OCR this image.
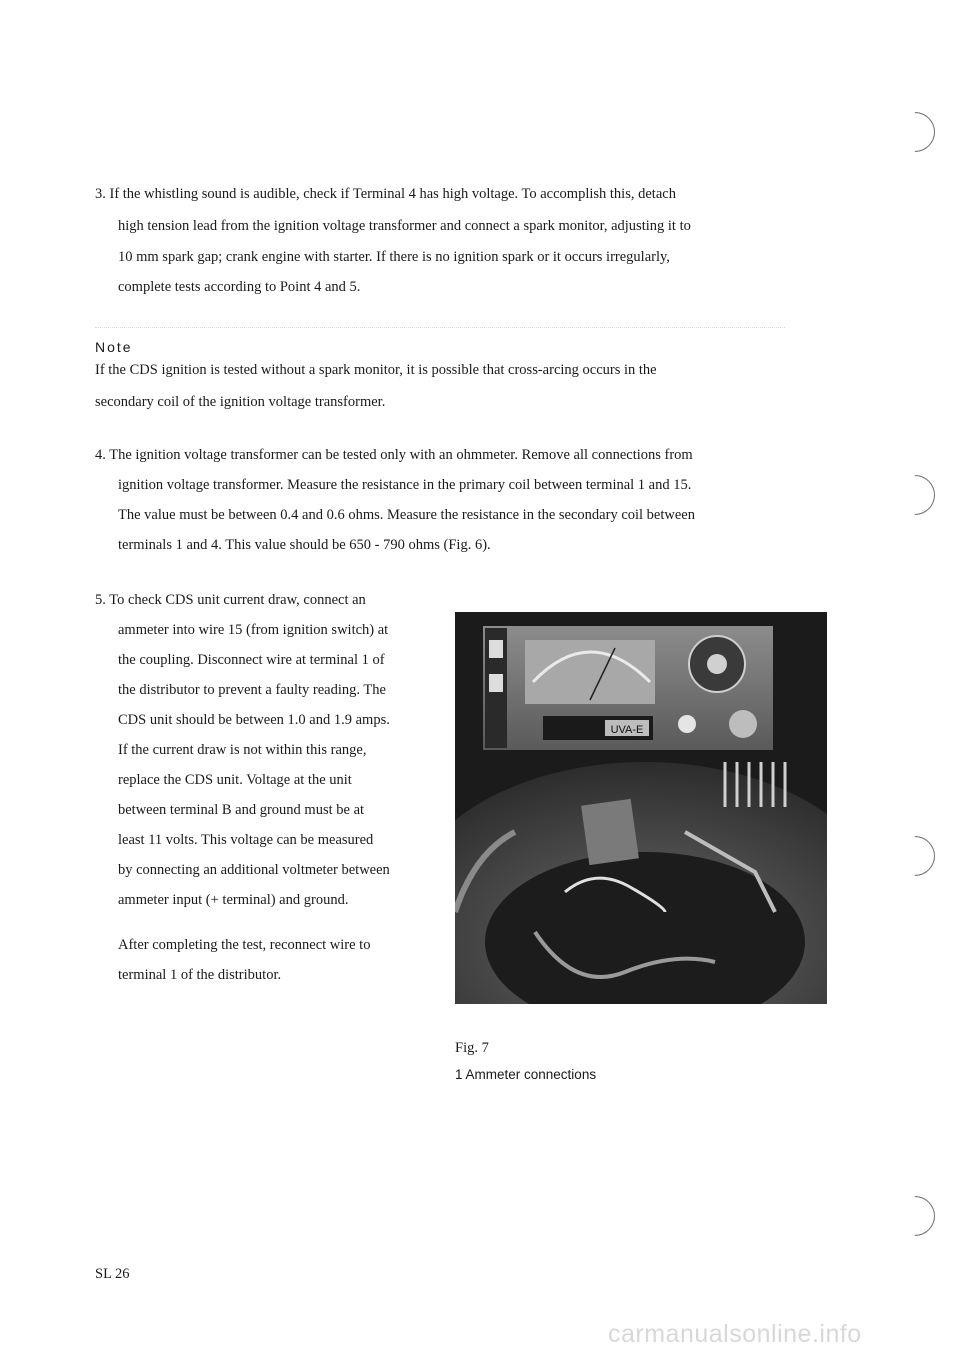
3. If the whistling sound is audible, check if Terminal 4 has high voltage. To accomplish this, detach
high tension lead from the ignition voltage transformer and connect a spark monitor, adjusting it to
10 mm spark gap; crank engine with starter. If there is no ignition spark or it occurs irregularly,
complete tests according to Point 4 and 5.
Note
If the CDS ignition is tested without a spark monitor, it is possible that cross-arcing occurs in the
secondary coil of the ignition voltage transformer.
4. The ignition voltage transformer can be tested only with an ohmmeter. Remove all connections from
ignition voltage transformer. Measure the resistance in the primary coil between terminal 1 and 15.
The value must be between 0.4 and 0.6 ohms. Measure the resistance in the secondary coil between
terminals 1 and 4. This value should be 650 - 790 ohms (Fig. 6).
5. To check CDS unit current draw, connect an
ammeter into wire 15 (from ignition switch) at
the coupling. Disconnect wire at terminal 1 of
the distributor to prevent a faulty reading. The
CDS unit should be between 1.0 and 1.9 amps.
If the current draw is not within this range,
replace the CDS unit. Voltage at the unit
between terminal B and ground must be at
least 11 volts. This voltage can be measured
by connecting an additional voltmeter between
ammeter input (+ terminal) and ground.
After completing the test, reconnect wire to
terminal 1 of the distributor.
UVA-E
Fig. 7
1 Ammeter connections
SL 26
carmanualsonline.info
